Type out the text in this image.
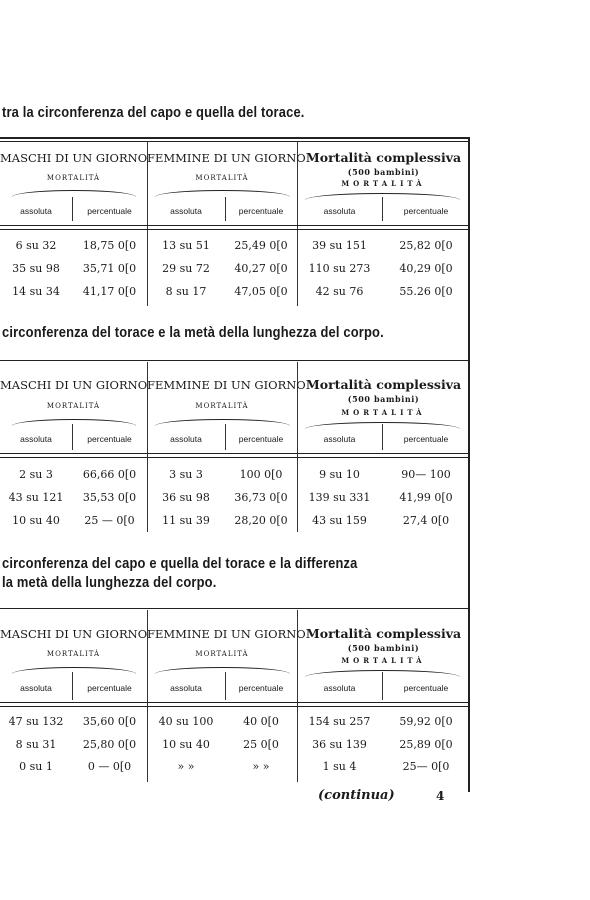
tra la circonferenza del capo e quella del torace.
MASCHI DI UN GIORNO FEMMINE DI UN GIORNO Mortalità complessiva
(500 bambini)
MORTALITÀ	MORTALITÀ
MORTALITÀ
assoluta	percentuale	assoluta	percentuale	assoluta	percentuale
6 su 32	18,75 0[0	13 su 51	25,49 0[0	39 su 151	25,82 0[0
35 su 98	35,71 0[0	29 su 72	40,27 0[0	110 su 273	40,29 0[0
14 su 34	41,17 0[0	8 su 17	47,05 0[0	42 su 76	55.26 0[0
circonferenza del torace e la metà della lunghezza del corpo.
MASCHI DI UN GIORNO FEMMINE DI UN GIORNO Mortalità complessiva
(500 bambini)
MORTALITÀ	MORTALITÀ
MORTALITÀ
assoluta	percentuale	assoluta	percentuale	assoluta	percentuale
2 su 3	66,66 0[0	3 su 3	100 0[0	9 su 10	90— 100
43 su 121	35,53 0[0	36 su 98	36,73 0[0	139 su 331	41,99 0[0
10 su 40	25 — 0[0	11 su 39	28,20 0[0	43 su 159	27,4 0[0
circonferenza del capo e quella del torace e la differenza
la metà della lunghezza del corpo.
MASCHI DI UN GIORNO FEMMINE DI UN GIORNO Mortalità complessiva
(500 bambini)
MORTALITÀ	MORTALITÀ
MORTALITÀ
assoluta	percentuale	assoluta	percentuale	assoluta	percentuale
47 su 132	35,60 0[0	40 su 100	40 0[0	154 su 257	59,92 0[0
8 su 31	25,80 0[0	10 su 40	25 0[0	36 su 139	25,89 0[0
0 su 1	0 — 0[0	» »	» »	1 su 4	25— 0[0
(continua)	4
